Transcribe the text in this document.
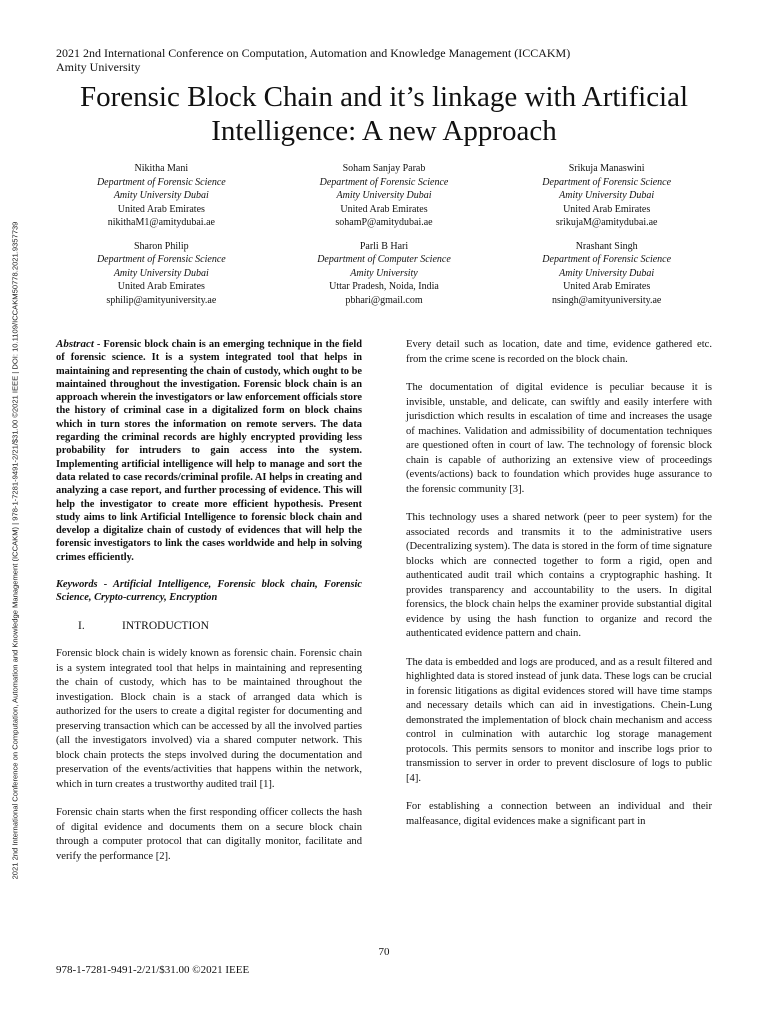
2021 2nd International Conference on Computation, Automation and Knowledge Management (ICCAKM) | 978-1-7281-9491-2/21/$31.00 ©2021 IEEE | DOI: 10.1109/ICCAKM50778.2021.9357739
2021 2nd International Conference on Computation, Automation and Knowledge Management (ICCAKM)
Amity University
Forensic Block Chain and it’s linkage with Artificial Intelligence: A new Approach
Nikitha Mani
Department of Forensic Science
Amity University Dubai
United Arab Emirates
nikithaM1@amitydubai.ae
Soham Sanjay Parab
Department of Forensic Science
Amity University Dubai
United Arab Emirates
sohamP@amitydubai.ae
Srikuja Manaswini
Department of Forensic Science
Amity University Dubai
United Arab Emirates
srikujaM@amitydubai.ae
Sharon Philip
Department of Forensic Science
Amity University Dubai
United Arab Emirates
sphilip@amityuniversity.ae
Parli B Hari
Department of Computer Science
Amity University
Uttar Pradesh, Noida, India
pbhari@gmail.com
Nrashant Singh
Department of Forensic Science
Amity University Dubai
United Arab Emirates
nsingh@amityuniversity.ae

Abstract - Forensic block chain is an emerging technique in the field of forensic science. It is a system integrated tool that helps in maintaining and representing the chain of custody, which ought to be maintained throughout the investigation. Forensic block chain is an approach wherein the investigators or law enforcement officials store the history of criminal case in a digitalized form on block chains which in turn stores the information on remote servers. The data regarding the criminal records are highly encrypted providing less probability for intruders to gain access into the system. Implementing artificial intelligence will help to manage and sort the data related to case records/criminal profile. AI helps in creating and analyzing a case report, and further processing of evidence. This will help the investigator to create more efficient hypothesis. Present study aims to link Artificial Intelligence to forensic block chain and develop a digitalize chain of custody of evidences that will help the forensic investigators to link the cases worldwide and help in solving crimes efficiently.

Keywords - Artificial Intelligence, Forensic block chain, Forensic Science, Crypto-currency, Encryption

I.	INTRODUCTION

Forensic block chain is widely known as forensic chain. Forensic chain is a system integrated tool that helps in maintaining and representing the chain of custody, which has to be maintained throughout the investigation. Block chain is a stack of arranged data which is authorized for the users to create a digital register for documenting and preserving transaction which can be accessed by all the involved parties (all the investigators involved) via a shared computer network. This block chain protects the steps involved during the documentation and preservation of the events/activities that happens within the network, which in turn creates a trustworthy audited trail [1].

Forensic chain starts when the first responding officer collects the hash of digital evidence and documents them on a secure block chain through a computer protocol that can digitally monitor, facilitate and verify the performance [2].

Every detail such as location, date and time, evidence gathered etc. from the crime scene is recorded on the block chain.

The documentation of digital evidence is peculiar because it is invisible, unstable, and delicate, can swiftly and easily interfere with jurisdiction which results in escalation of time and increases the usage of machines. Validation and admissibility of documentation techniques are questioned often in court of law. The technology of forensic block chain is capable of authorizing an extensive view of proceedings (events/actions) back to foundation which provides huge assurance to the forensic community [3].

This technology uses a shared network (peer to peer system) for the associated records and transmits it to the administrative users (Decentralizing system). The data is stored in the form of time signature blocks which are connected together to form a rigid, open and authenticated audit trail which contains a cryptographic hashing. It provides transparency and accountability to the users. In digital forensics, the block chain helps the examiner provide substantial digital evidence by using the hash function to organize and record the authenticated evidence pattern and chain.

The data is embedded and logs are produced, and as a result filtered and highlighted data is stored instead of junk data. These logs can be crucial in forensic litigations as digital evidences stored will have time stamps and necessary details which can aid in investigations. Chein-Lung demonstrated the implementation of block chain mechanism and access control in culmination with autarchic log storage management protocols. This permits sensors to monitor and inscribe logs prior to transmission to server in order to prevent disclosure of logs to public [4].

For establishing a connection between an individual and their malfeasance, digital evidences make a significant part in

70
978-1-7281-9491-2/21/$31.00 ©2021 IEEE
